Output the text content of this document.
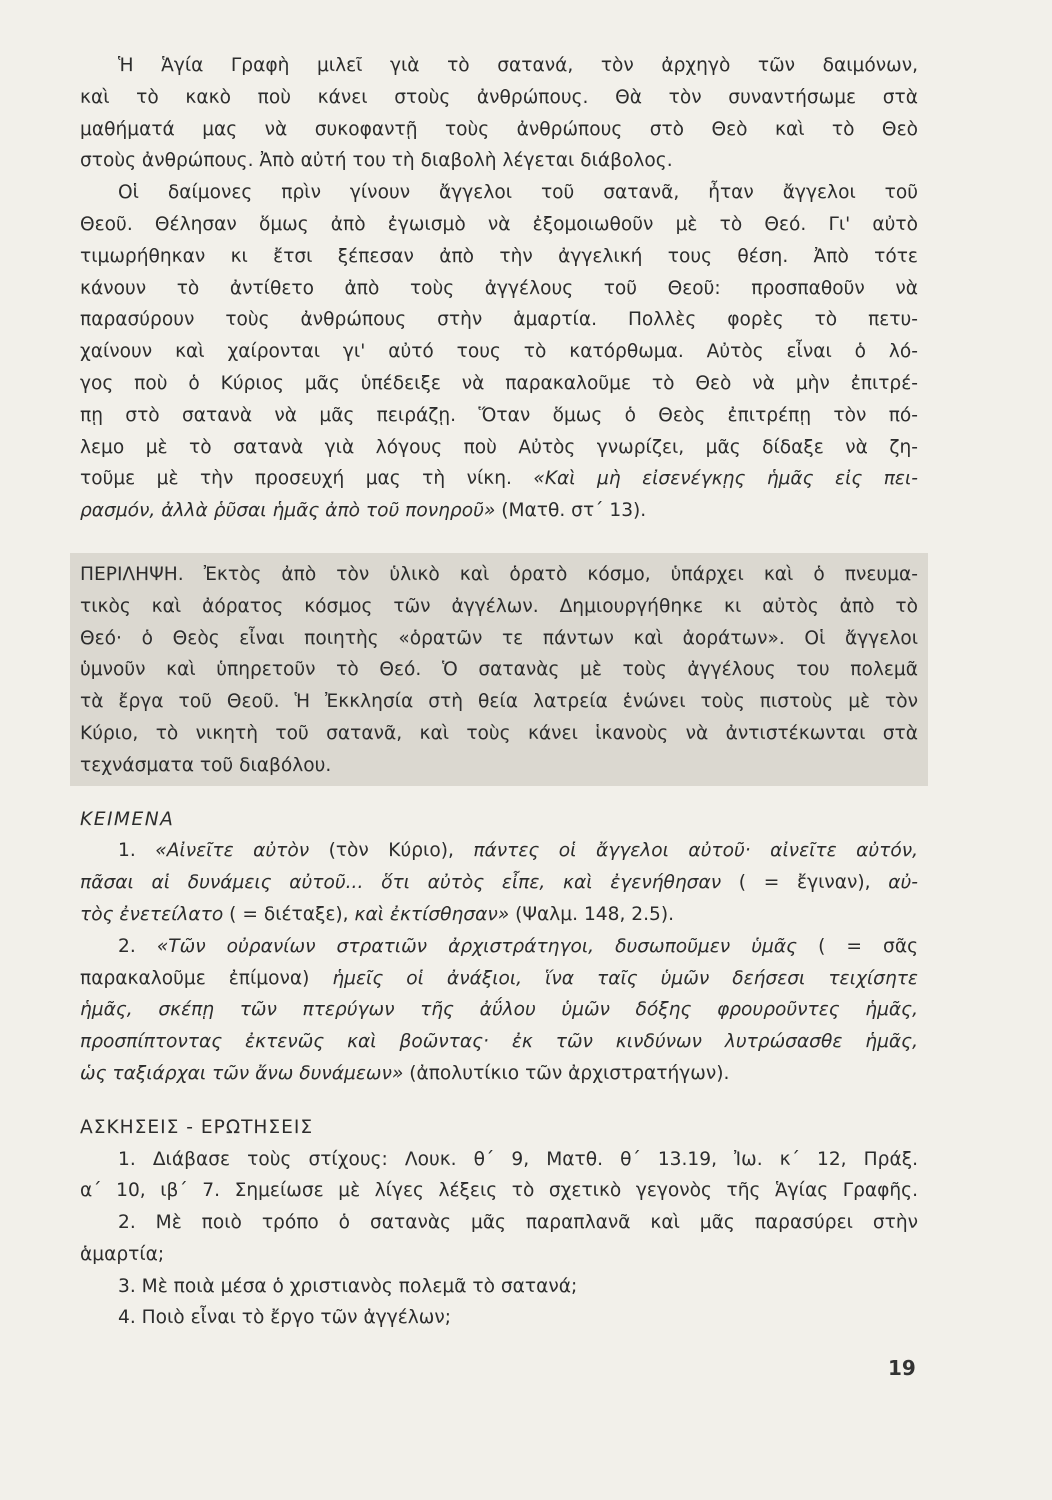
Ἡ Ἁγία Γραφὴ μιλεῖ γιὰ τὸ σατανά, τὸν ἀρχηγὸ τῶν δαιμόνων,
καὶ τὸ κακὸ ποὺ κάνει στοὺς ἀνθρώπους. Θὰ τὸν συναντήσωμε στὰ
μαθήματά μας νὰ συκοφαντῇ τοὺς ἀνθρώπους στὸ Θεὸ καὶ τὸ Θεὸ
στοὺς ἀνθρώπους. Ἀπὸ αὐτή του τὴ διαβολὴ λέγεται διάβολος.
Οἱ δαίμονες πρὶν γίνουν ἄγγελοι τοῦ σατανᾶ, ἦταν ἄγγελοι τοῦ
Θεοῦ. Θέλησαν ὅμως ἀπὸ ἐγωισμὸ νὰ ἐξομοιωθοῦν μὲ τὸ Θεό. Γι' αὐτὸ
τιμωρήθηκαν κι ἔτσι ξέπεσαν ἀπὸ τὴν ἀγγελική τους θέση. Ἀπὸ τότε
κάνουν τὸ ἀντίθετο ἀπὸ τοὺς ἀγγέλους τοῦ Θεοῦ: προσπαθοῦν νὰ
παρασύρουν τοὺς ἀνθρώπους στὴν ἁμαρτία. Πολλὲς φορὲς τὸ πετυ-
χαίνουν καὶ χαίρονται γι' αὐτό τους τὸ κατόρθωμα. Αὐτὸς εἶναι ὁ λό-
γος ποὺ ὁ Κύριος μᾶς ὑπέδειξε νὰ παρακαλοῦμε τὸ Θεὸ νὰ μὴν ἐπιτρέ-
πῃ στὸ σατανὰ νὰ μᾶς πειράζῃ. Ὅταν ὅμως ὁ Θεὸς ἐπιτρέπῃ τὸν πό-
λεμο μὲ τὸ σατανὰ γιὰ λόγους ποὺ Αὐτὸς γνωρίζει, μᾶς δίδαξε νὰ ζη-
τοῦμε μὲ τὴν προσευχή μας τὴ νίκη. «Καὶ μὴ εἰσενέγκῃς ἡμᾶς εἰς πει-
ρασμόν, ἀλλὰ ῥῦσαι ἡμᾶς ἀπὸ τοῦ πονηροῦ» (Ματθ. στ΄ 13).
ΠΕΡΙΛΗΨΗ. Ἐκτὸς ἀπὸ τὸν ὑλικὸ καὶ ὁρατὸ κόσμο, ὑπάρχει καὶ ὁ πνευμα-
τικὸς καὶ ἀόρατος κόσμος τῶν ἀγγέλων. Δημιουργήθηκε κι αὐτὸς ἀπὸ τὸ
Θεό· ὁ Θεὸς εἶναι ποιητὴς «ὁρατῶν τε πάντων καὶ ἀοράτων». Οἱ ἄγγελοι
ὑμνοῦν καὶ ὑπηρετοῦν τὸ Θεό. Ὁ σατανὰς μὲ τοὺς ἀγγέλους του πολεμᾶ
τὰ ἔργα τοῦ Θεοῦ. Ἡ Ἐκκλησία στὴ θεία λατρεία ἑνώνει τοὺς πιστοὺς μὲ τὸν
Κύριο, τὸ νικητὴ τοῦ σατανᾶ, καὶ τοὺς κάνει ἱκανοὺς νὰ ἀντιστέκωνται στὰ
τεχνάσματα τοῦ διαβόλου.
ΚΕΙΜΕΝΑ
1. «Αἰνεῖτε αὐτὸν (τὸν Κύριο), πάντες οἱ ἄγγελοι αὐτοῦ· αἰνεῖτε αὐτόν,
πᾶσαι αἱ δυνάμεις αὐτοῦ... ὅτι αὐτὸς εἶπε, καὶ ἐγενήθησαν ( = ἔγιναν), αὐ-
τὸς ἐνετείλατο ( = διέταξε), καὶ ἐκτίσθησαν» (Ψαλμ. 148, 2.5).
2. «Τῶν οὐρανίων στρατιῶν ἀρχιστράτηγοι, δυσωποῦμεν ὑμᾶς ( = σᾶς
παρακαλοῦμε ἐπίμονα) ἡμεῖς οἱ ἀνάξιοι, ἵνα ταῖς ὑμῶν δεήσεσι τειχίσητε
ἡμᾶς, σκέπῃ τῶν πτερύγων τῆς ἀΰλου ὑμῶν δόξης φρουροῦντες ἡμᾶς,
προσπίπτοντας ἐκτενῶς καὶ βοῶντας· ἐκ τῶν κινδύνων λυτρώσασθε ἡμᾶς,
ὡς ταξιάρχαι τῶν ἄνω δυνάμεων» (ἀπολυτίκιο τῶν ἀρχιστρατήγων).
ΑΣΚΗΣΕΙΣ - ΕΡΩΤΗΣΕΙΣ
1. Διάβασε τοὺς στίχους: Λουκ. θ΄ 9, Ματθ. θ΄ 13.19, Ἰω. κ΄ 12, Πράξ.
α΄ 10, ιβ΄ 7. Σημείωσε μὲ λίγες λέξεις τὸ σχετικὸ γεγονὸς τῆς Ἁγίας Γραφῆς.
2. Μὲ ποιὸ τρόπο ὁ σατανὰς μᾶς παραπλανᾶ καὶ μᾶς παρασύρει στὴν
ἁμαρτία;
3. Μὲ ποιὰ μέσα ὁ χριστιανὸς πολεμᾶ τὸ σατανά;
4. Ποιὸ εἶναι τὸ ἔργο τῶν ἀγγέλων;
19
